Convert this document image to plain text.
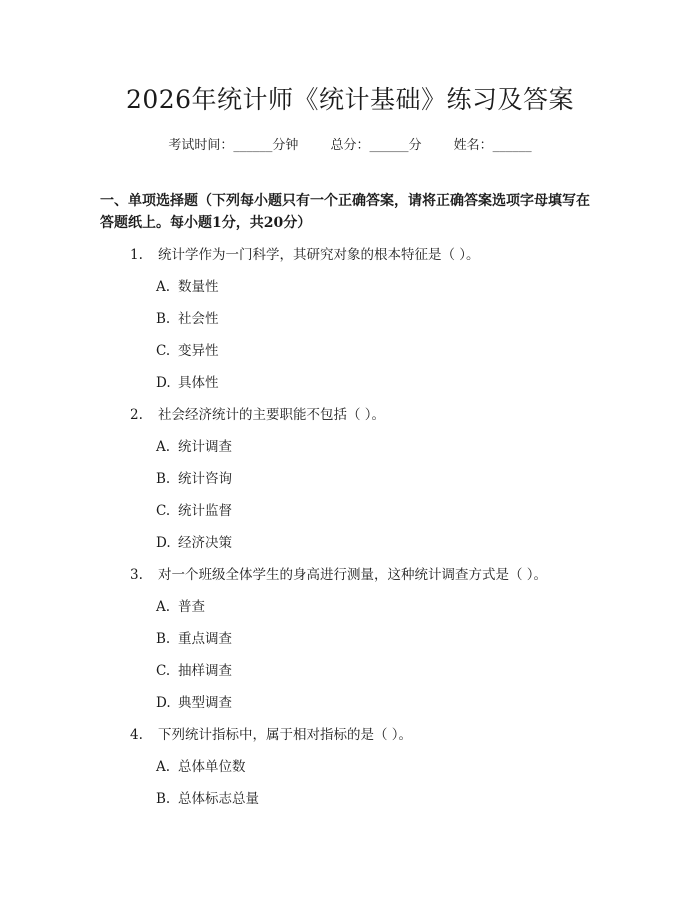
2026年统计师《统计基础》练习及答案
考试时间：______分钟 总分：______分 姓名：______
一、单项选择题（下列每小题只有一个正确答案，请将正确答案选项字母填写在答题纸上。每小题1分，共20分）
1. 统计学作为一门科学，其研究对象的根本特征是（ ）。
A. 数量性
B. 社会性
C. 变异性
D. 具体性
2. 社会经济统计的主要职能不包括（ ）。
A. 统计调查
B. 统计咨询
C. 统计监督
D. 经济决策
3. 对一个班级全体学生的身高进行测量，这种统计调查方式是（ ）。
A. 普查
B. 重点调查
C. 抽样调查
D. 典型调查
4. 下列统计指标中，属于相对指标的是（ ）。
A. 总体单位数
B. 总体标志总量
